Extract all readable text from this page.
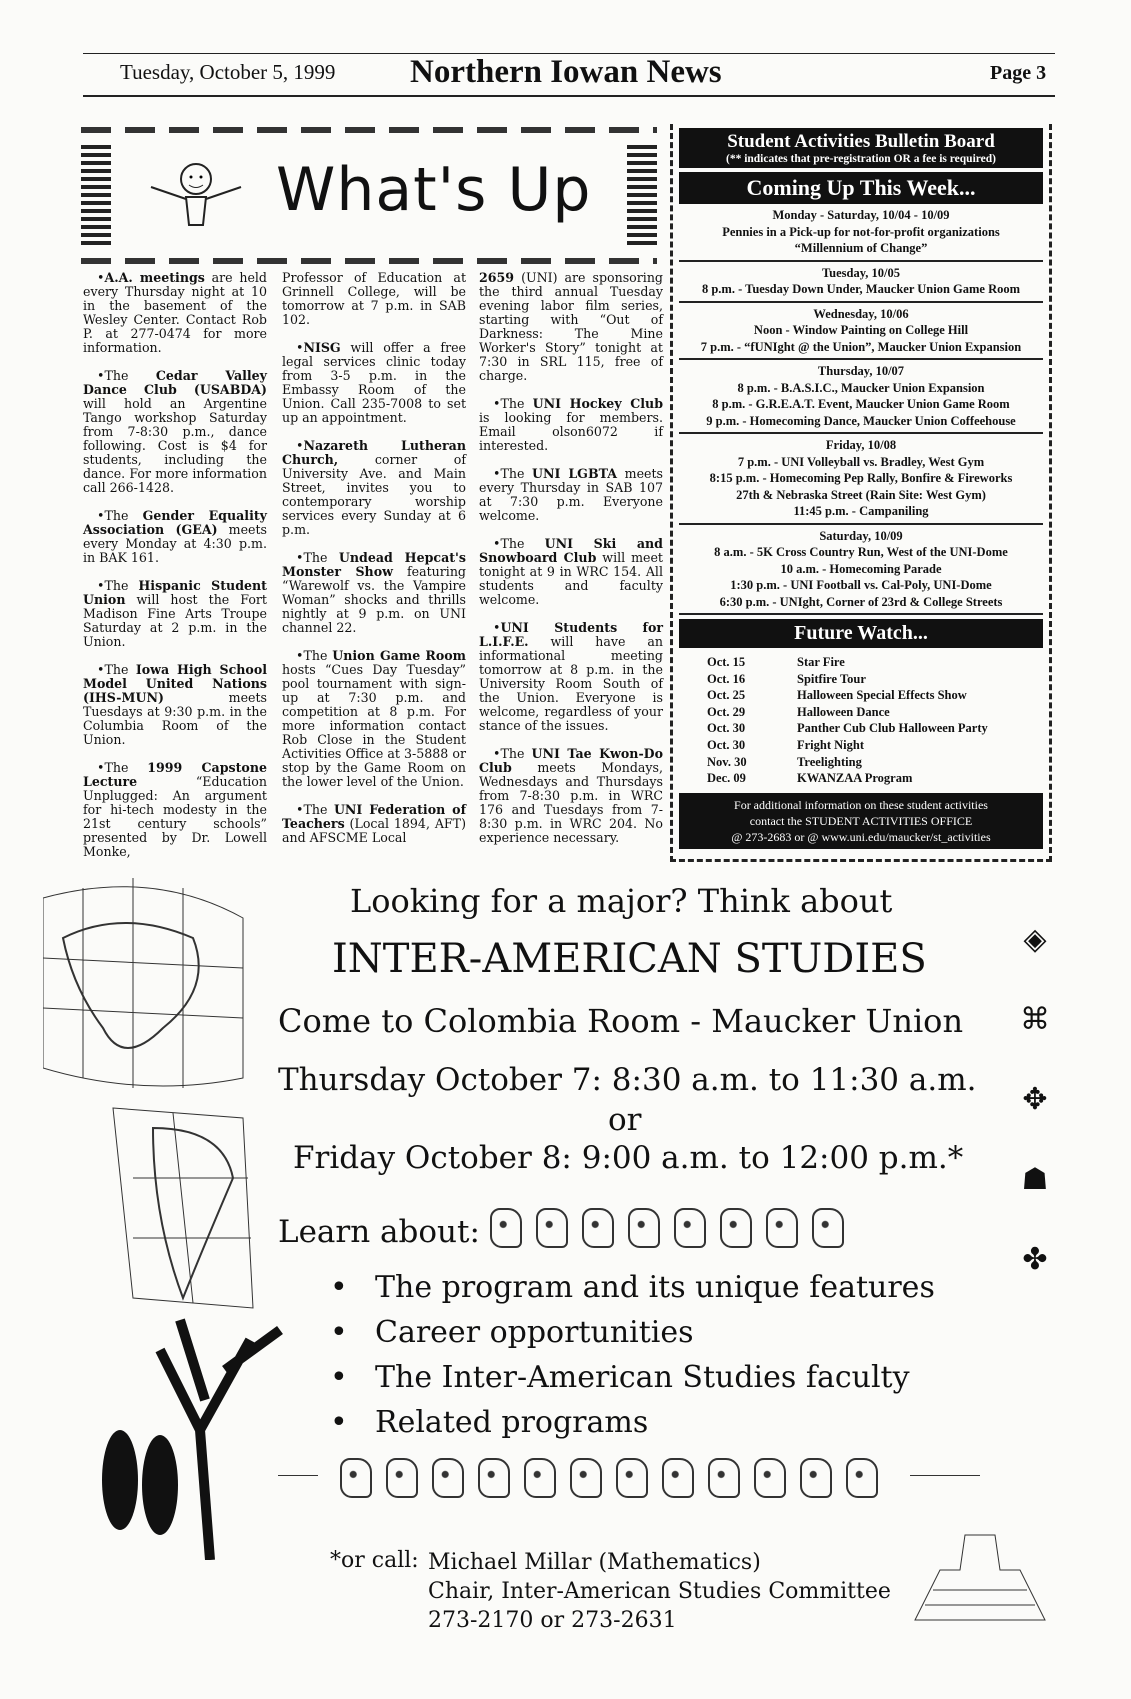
Tuesday, October 5, 1999 Northern Iowan News	Page 3
What's Up

•A.A. meetings are held every Thursday night at 10 in the basement of the Wesley Center. Contact Rob P. at 277-0474 for more information.

•The Cedar Valley Dance Club (USABDA) will hold an Argentine Tango workshop Saturday from 7-8:30 p.m., dance following. Cost is $4 for students, including the dance. For more information call 266-1428.

•The Gender Equality Association (GEA) meets every Monday at 4:30 p.m. in BAK 161.

•The Hispanic Student Union will host the Fort Madison Fine Arts Troupe Saturday at 2 p.m. in the Union.

•The Iowa High School Model United Nations (IHS-MUN) meets Tuesdays at 9:30 p.m. in the Columbia Room of the Union.

•The 1999 Capstone Lecture “Education Unplugged: An argument for hi-tech modesty in the 21st century schools” presented by Dr. Lowell Monke,

Professor of Education at Grinnell College, will be tomorrow at 7 p.m. in SAB 102.

•NISG will offer a free legal services clinic today from 3-5 p.m. in the Embassy Room of the Union. Call 235-7008 to set up an appointment.

•Nazareth Lutheran Church, corner of University Ave. and Main Street, invites you to contemporary worship services every Sunday at 6 p.m.

•The Undead Hepcat's Monster Show featuring “Warewolf vs. the Vampire Woman” shocks and thrills nightly at 9 p.m. on UNI channel 22.

•The Union Game Room hosts “Cues Day Tuesday” pool tournament with sign-up at 7:30 p.m. and competition at 8 p.m. For more information contact Rob Close in the Student Activities Office at 3-5888 or stop by the Game Room on the lower level of the Union.

•The UNI Federation of Teachers (Local 1894, AFT) and AFSCME Local

2659 (UNI) are sponsoring the third annual Tuesday evening labor film series, starting with “Out of Darkness: The Mine Worker's Story” tonight at 7:30 in SRL 115, free of charge.

•The UNI Hockey Club is looking for members. Email olson6072 if interested.

•The UNI LGBTA meets every Thursday in SAB 107 at 7:30 p.m. Everyone welcome.

•The UNI Ski and Snowboard Club will meet tonight at 9 in WRC 154. All students and faculty welcome.

•UNI Students for L.I.F.E. will have an informational meeting tomorrow at 8 p.m. in the University Room South of the Union. Everyone is welcome, regardless of your stance of the issues.

•The UNI Tae Kwon-Do Club meets Mondays, Wednesdays and Thursdays from 7-8:30 p.m. in WRC 176 and Tuesdays from 7-8:30 p.m. in WRC 204. No experience necessary.

Student Activities Bulletin Board
(** indicates that pre-registration OR a fee is required)
Coming Up This Week...
Monday - Saturday, 10/04 - 10/09
Pennies in a Pick-up for not-for-profit organizations
“Millennium of Change”
Tuesday, 10/05
8 p.m. - Tuesday Down Under, Maucker Union Game Room
Wednesday, 10/06
Noon - Window Painting on College Hill
7 p.m. - “fUNIght @ the Union”, Maucker Union Expansion
Thursday, 10/07
8 p.m. - B.A.S.I.C., Maucker Union Expansion
8 p.m. - G.R.E.A.T. Event, Maucker Union Game Room
9 p.m. - Homecoming Dance, Maucker Union Coffeehouse
Friday, 10/08
7 p.m. - UNI Volleyball vs. Bradley, West Gym
8:15 p.m. - Homecoming Pep Rally, Bonfire & Fireworks
27th & Nebraska Street (Rain Site: West Gym)
11:45 p.m. - Campaniling
Saturday, 10/09
8 a.m. - 5K Cross Country Run, West of the UNI-Dome
10 a.m. - Homecoming Parade
1:30 p.m. - UNI Football vs. Cal-Poly, UNI-Dome
6:30 p.m. - UNIght, Corner of 23rd & College Streets
Future Watch...
Oct. 15	Star Fire
Oct. 16	Spitfire Tour
Oct. 25	Halloween Special Effects Show
Oct. 29	Halloween Dance
Oct. 30	Panther Cub Club Halloween Party
Oct. 30	Fright Night
Nov. 30	Treelighting
Dec. 09	KWANZAA Program
For additional information on these student activities
contact the STUDENT ACTIVITIES OFFICE
@ 273-2683 or @ www.uni.edu/maucker/st_activities
Looking for a major? Think about
INTER-AMERICAN STUDIES
Come to Colombia Room - Maucker Union
Thursday October 7: 8:30 a.m. to 11:30 a.m.
or
Friday October 8: 9:00 a.m. to 12:00 p.m.*
Learn about:
• The program and its unique features
• Career opportunities
• The Inter-American Studies faculty
• Related programs
*or call: Michael Millar (Mathematics)
Chair, Inter-American Studies Committee
273-2170 or 273-2631
◈
⌘
✥
☗
✤
